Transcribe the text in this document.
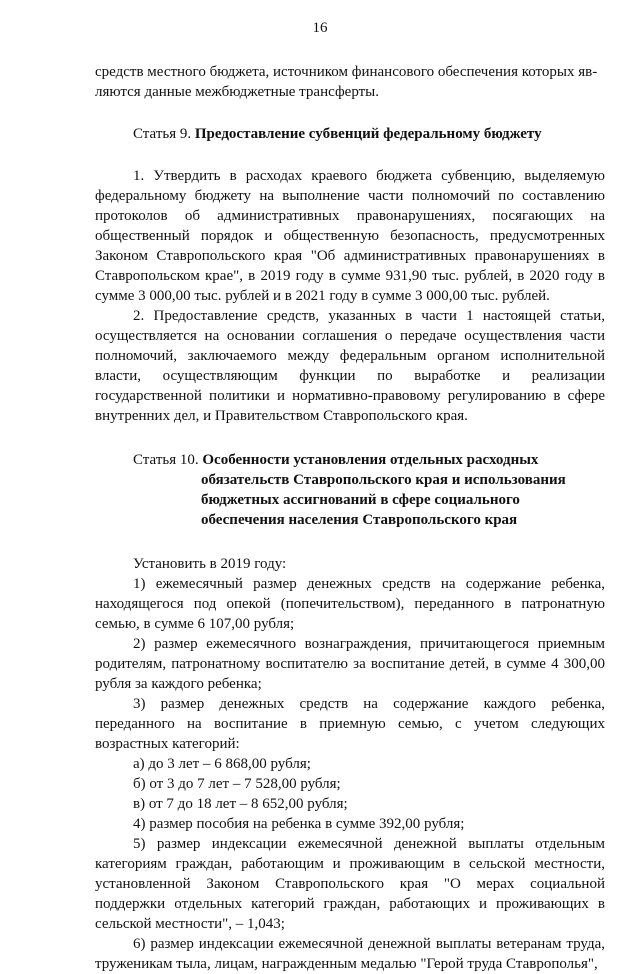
16

средств местного бюджета, источником финансового обеспечения которых яв-

ляются данные межбюджетные трансферты.

Статья 9. Предоставление субвенций федеральному бюджету

1. Утвердить в расходах краевого бюджета субвенцию, выделяемую федеральному бюджету на выполнение части полномочий по составлению протоколов об административных правонарушениях, посягающих на общественный порядок и общественную безопасность, предусмотренных Законом Ставропольского края "Об административных правонарушениях в Ставропольском крае", в 2019 году в сумме 931,90 тыс. рублей, в 2020 году в сумме 3 000,00 тыс. рублей и в 2021 году в сумме 3 000,00 тыс. рублей.

2. Предоставление средств, указанных в части 1 настоящей статьи, осуществляется на основании соглашения о передаче осуществления части полномочий, заключаемого между федеральным органом исполнительной власти, осуществляющим функции по выработке и реализации государственной политики и нормативно-правовому регулированию в сфере внутренних дел, и Правительством Ставропольского края.

Статья 10. Особенности установления отдельных расходных
обязательств Ставропольского края и использования
бюджетных ассигнований в сфере социального
обеспечения населения Ставропольского края

Установить в 2019 году:

1) ежемесячный размер денежных средств на содержание ребенка, находящегося под опекой (попечительством), переданного в патронатную семью, в сумме 6 107,00 рубля;

2) размер ежемесячного вознаграждения, причитающегося приемным родителям, патронатному воспитателю за воспитание детей, в сумме 4 300,00 рубля за каждого ребенка;

3) размер денежных средств на содержание каждого ребенка, переданного на воспитание в приемную семью, с учетом следующих возрастных категорий:

а) до 3 лет – 6 868,00 рубля;

б) от 3 до 7 лет – 7 528,00 рубля;

в) от 7 до 18 лет – 8 652,00 рубля;

4) размер пособия на ребенка в сумме 392,00 рубля;

5) размер индексации ежемесячной денежной выплаты отдельным категориям граждан, работающим и проживающим в сельской местности, установленной Законом Ставропольского края "О мерах социальной поддержки отдельных категорий граждан, работающих и проживающих в сельской местности", – 1,043;

6) размер индексации ежемесячной денежной выплаты ветеранам труда, труженикам тыла, лицам, награжденным медалью "Герой труда Ставрополья",
